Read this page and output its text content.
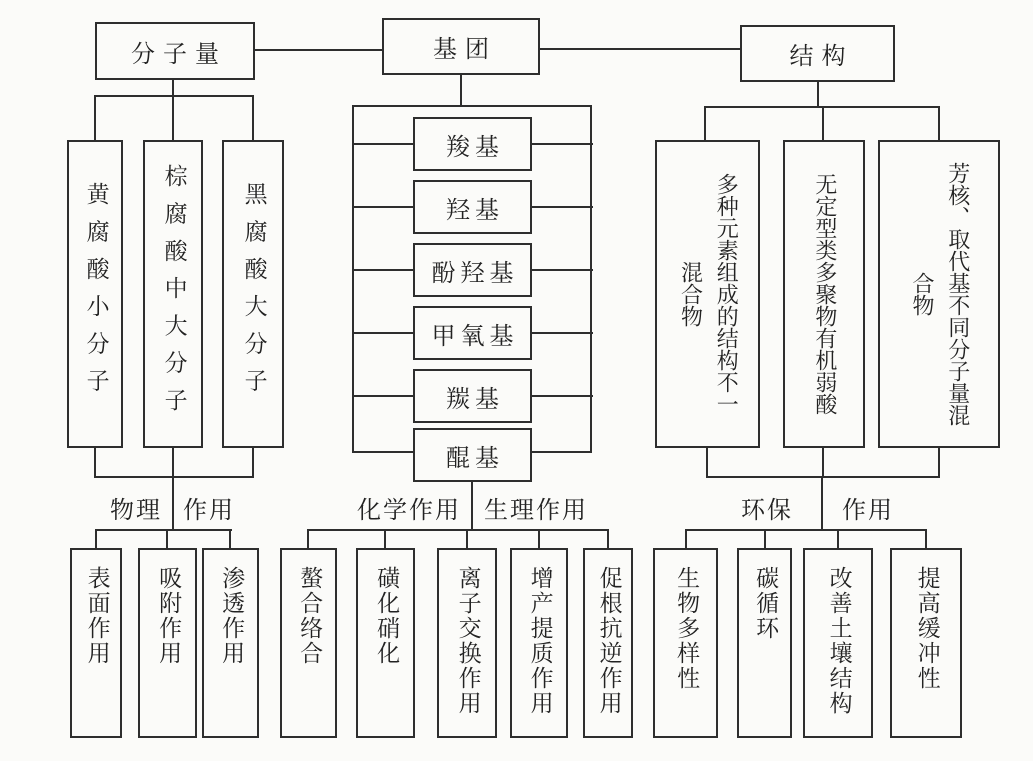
分子量	基团	结构
黄腐酸小分子 棕腐酸中大分子 黑腐酸大分子
物理 作用
表面作用 吸附作用 渗透作用
羧基
羟基
酚羟基
甲氧基
羰基
醌基
化学作用 生理作用
螯合络合 磺化硝化 离子交换作用 增产提质作用 促根抗逆作用
多种元素组成的结构不一
混合物	无定型类多聚物有机弱酸	芳核、取代基不同分子量混
合物
环保 作用
生物多样性 碳循环 改善土壤结构	提高缓冲性
